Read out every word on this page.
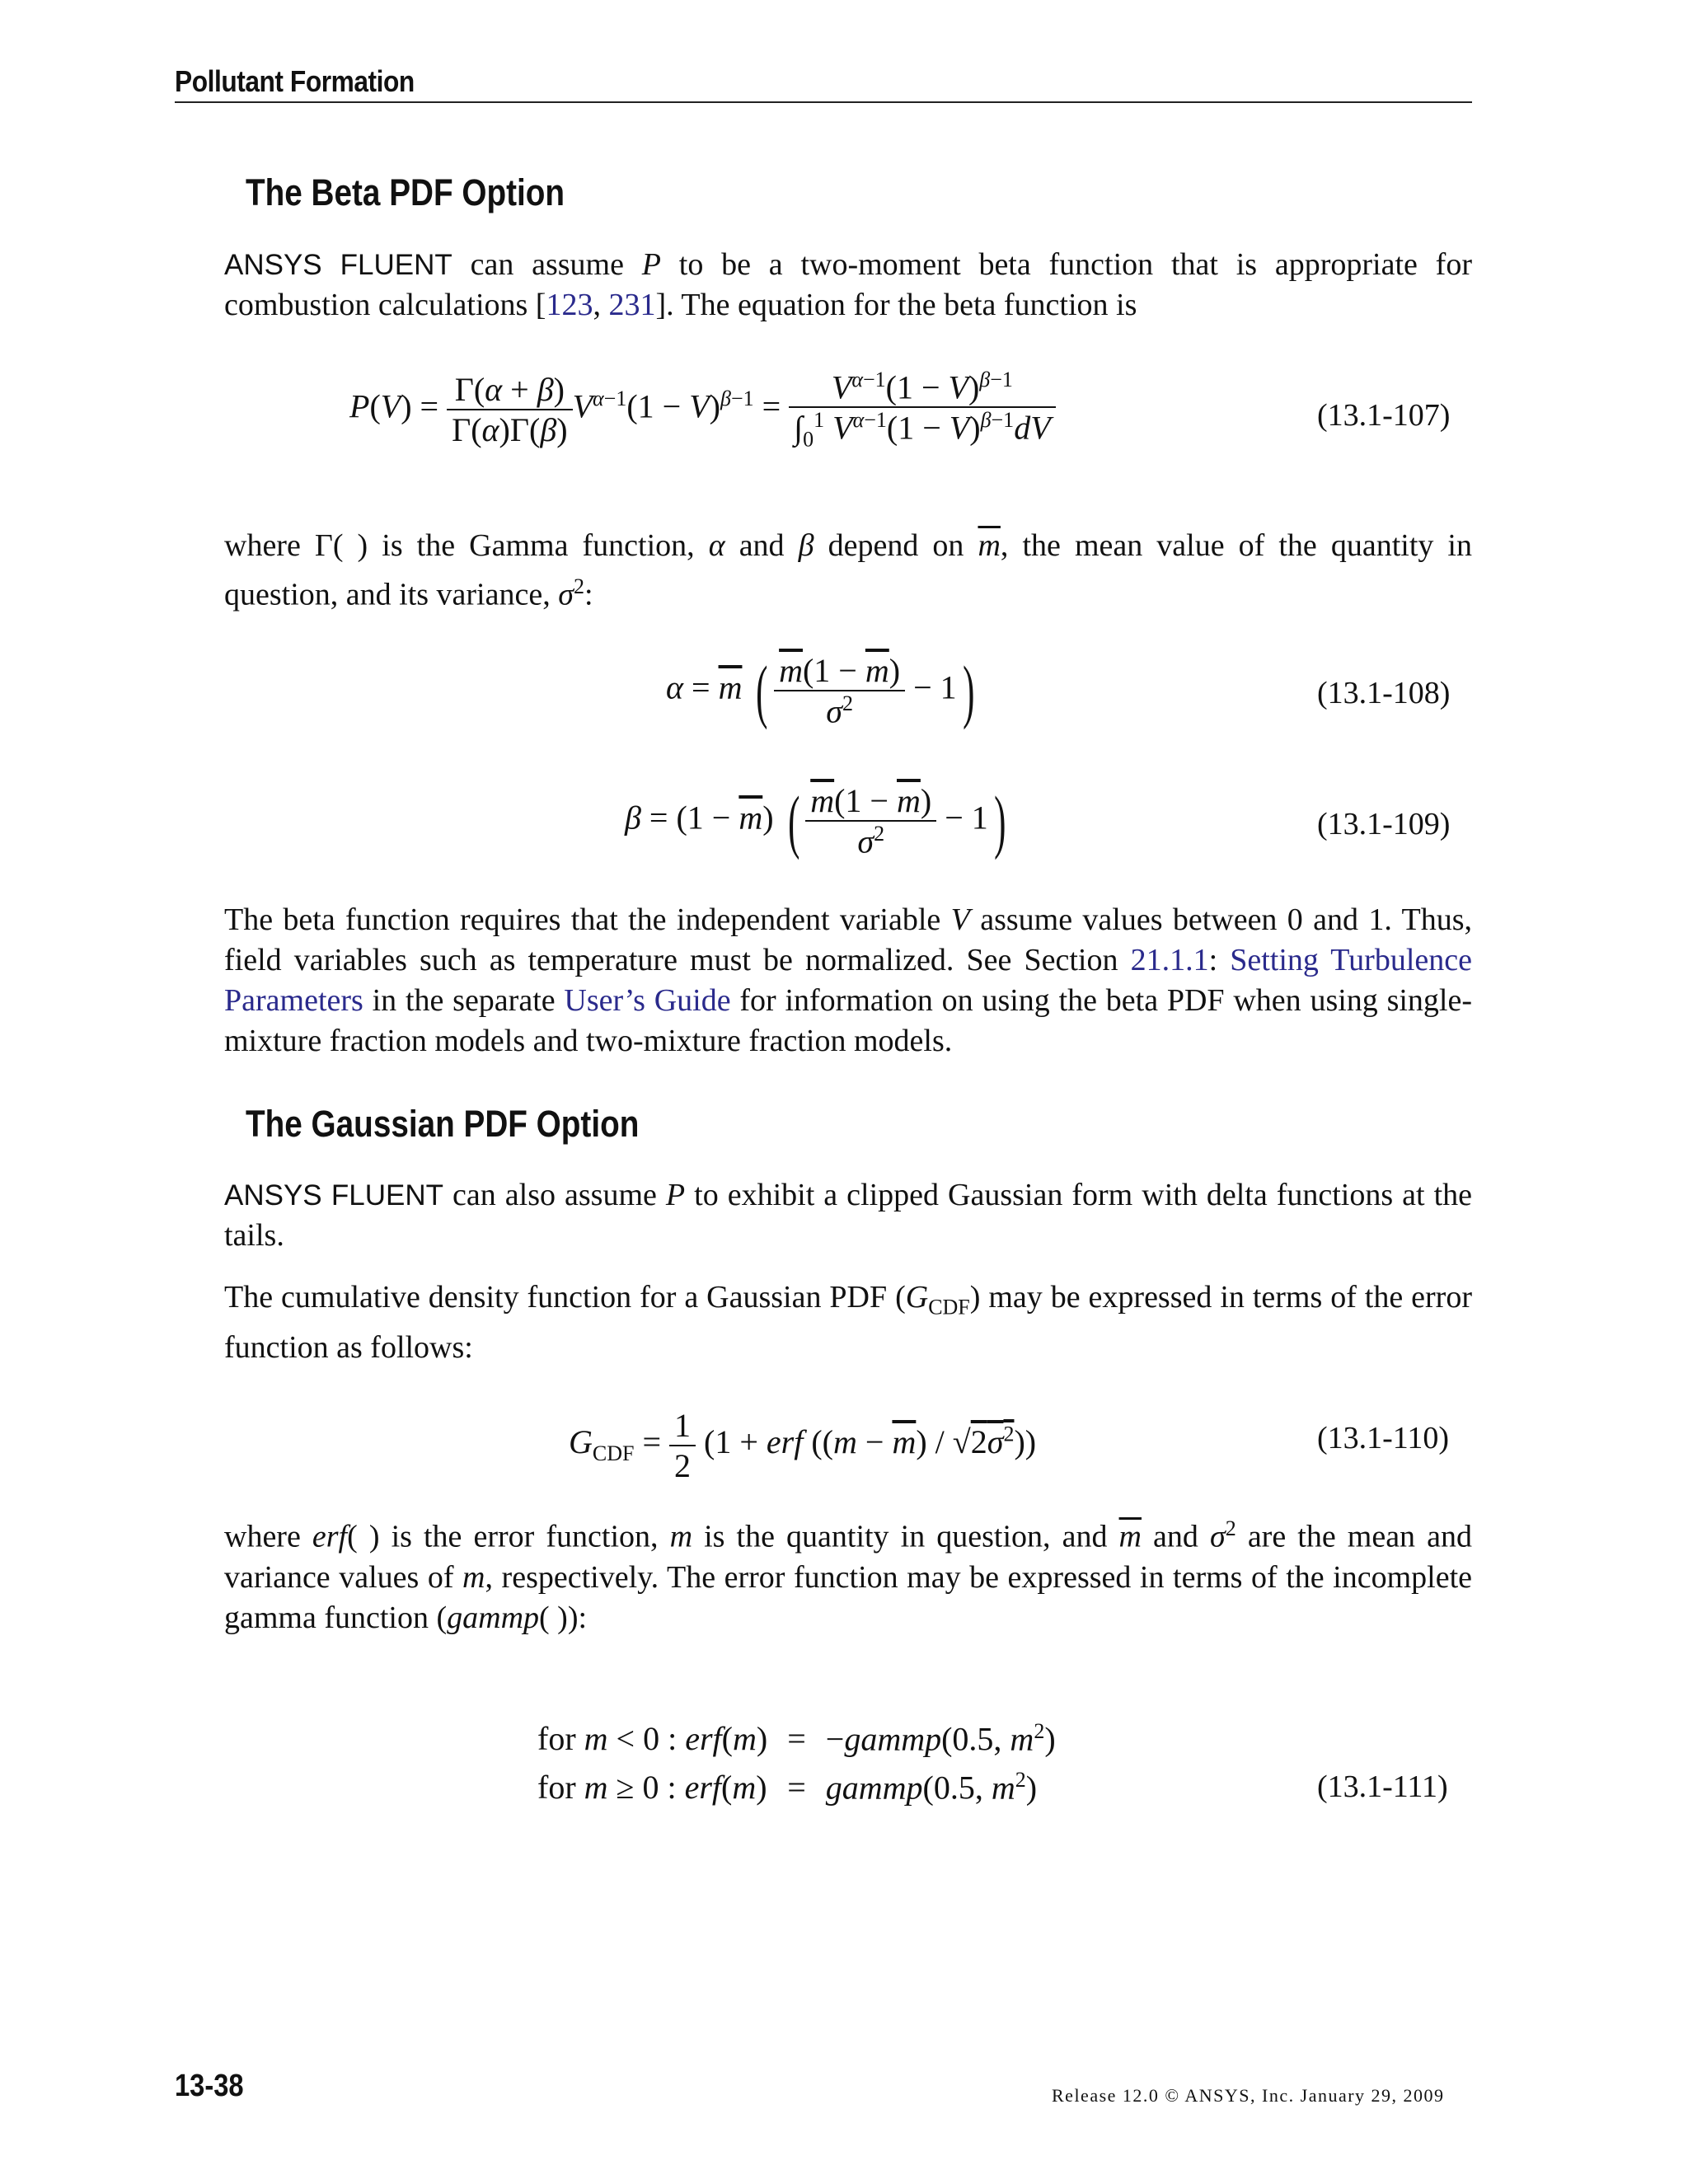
Pollutant Formation
The Beta PDF Option
ANSYS FLUENT can assume P to be a two-moment beta function that is appropriate for combustion calculations [123, 231]. The equation for the beta function is
$P(V) = \frac{\Gamma(\alpha + \beta)}{\Gamma(\alpha)\Gamma(\beta)} V^{\alpha-1}(1 - V)^{\beta-1} = \frac{V^{\alpha-1}(1 - V)^{\beta-1}}{\int_0^1 V^{\alpha-1}(1 - V)^{\beta-1}dV}$	(13.1-107)
where Γ( ) is the Gamma function, α and β depend on $\overline{m}$, the mean value of the quantity in question, and its variance, $\sigma^2$:
$\alpha = \overline{m}$ ( $\frac{\overline{m}(1 - \overline{m})}{\sigma^2} - 1$)	(13.1-108)
$\beta = (1 - \overline{m})$ ( $\frac{\overline{m}(1 - \overline{m})}{\sigma^2} - 1$)	(13.1-109)
The beta function requires that the independent variable V assume values between 0 and 1. Thus, field variables such as temperature must be normalized. See Section 21.1.1: Setting Turbulence Parameters in the separate User’s Guide for information on using the beta PDF when using single-mixture fraction models and two-mixture fraction models.
The Gaussian PDF Option
ANSYS FLUENT can also assume P to exhibit a clipped Gaussian form with delta functions at the tails.
The cumulative density function for a Gaussian PDF $(G_{CDF})$ may be expressed in terms of the error function as follows:
$G_{CDF} = \frac{1}{2} (1$ + erf $((m - \overline{m}) / √2\sigma^2)$)	(13.1-110)
where erf( ) is the error function, m is the quantity in question, and $\overline{m}$ and $\sigma^2$ are the mean and variance values of m, respectively. The error function may be expressed in terms of the incomplete gamma function (gammp( )):
for m < 0 : erf(m)	=	−gammp(0.5, $m^2$)
for m ≥ 0 : erf(m)	=	gammp(0.5, $m^2$)	(13.1-111)
13-38	Release 12.0 © ANSYS, Inc. January 29, 2009
